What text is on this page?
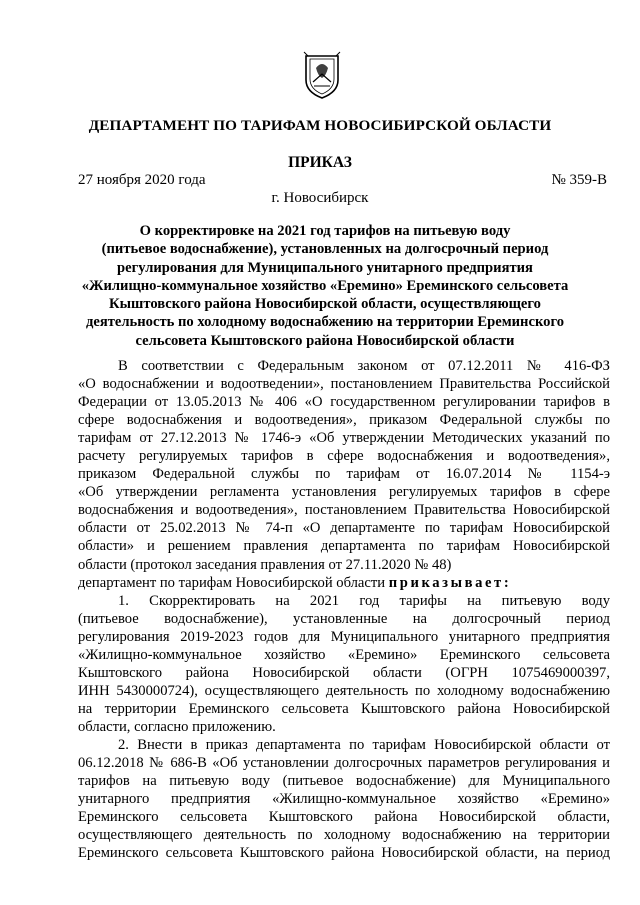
ДЕПАРТАМЕНТ ПО ТАРИФАМ НОВОСИБИРСКОЙ ОБЛАСТИ
ПРИКАЗ
27 ноября 2020 года	№ 359-В
г. Новосибирск
О корректировке на 2021 год тарифов на питьевую воду
(питьевое водоснабжение), установленных на долгосрочный период
регулирования для Муниципального унитарного предприятия
«Жилищно-коммунальное хозяйство «Еремино» Ереминского сельсовета
Кыштовского района Новосибирской области, осуществляющего
деятельность по холодному водоснабжению на территории Ереминского
сельсовета Кыштовского района Новосибирской области
В соответствии с Федеральным законом от 07.12.2011 № 416-ФЗ
«О водоснабжении и водоотведении», постановлением Правительства Российской
Федерации от 13.05.2013 № 406 «О государственном регулировании тарифов в
сфере водоснабжения и водоотведения», приказом Федеральной службы по
тарифам от 27.12.2013 № 1746-э «Об утверждении Методических указаний по
расчету регулируемых тарифов в сфере водоснабжения и водоотведения»,
приказом Федеральной службы по тарифам от 16.07.2014 № 1154-э
«Об утверждении регламента установления регулируемых тарифов в сфере
водоснабжения и водоотведения», постановлением Правительства Новосибирской
области от 25.02.2013 № 74-п «О департаменте по тарифам Новосибирской
области» и решением правления департамента по тарифам Новосибирской
области (протокол заседания правления от 27.11.2020 № 48)
департамент по тарифам Новосибирской области приказывает:
1. Скорректировать на 2021 год тарифы на питьевую воду
(питьевое водоснабжение), установленные на долгосрочный период
регулирования 2019-2023 годов для Муниципального унитарного предприятия
«Жилищно-коммунальное хозяйство «Еремино» Ереминского сельсовета
Кыштовского района Новосибирской области (ОГРН 1075469000397,
ИНН 5430000724), осуществляющего деятельность по холодному водоснабжению
на территории Ереминского сельсовета Кыштовского района Новосибирской
области, согласно приложению.
2. Внести в приказ департамента по тарифам Новосибирской области от
06.12.2018 № 686-В «Об установлении долгосрочных параметров регулирования и
тарифов на питьевую воду (питьевое водоснабжение) для Муниципального
унитарного предприятия «Жилищно-коммунальное хозяйство «Еремино»
Ереминского сельсовета Кыштовского района Новосибирской области,
осуществляющего деятельность по холодному водоснабжению на территории
Ереминского сельсовета Кыштовского района Новосибирской области, на период
